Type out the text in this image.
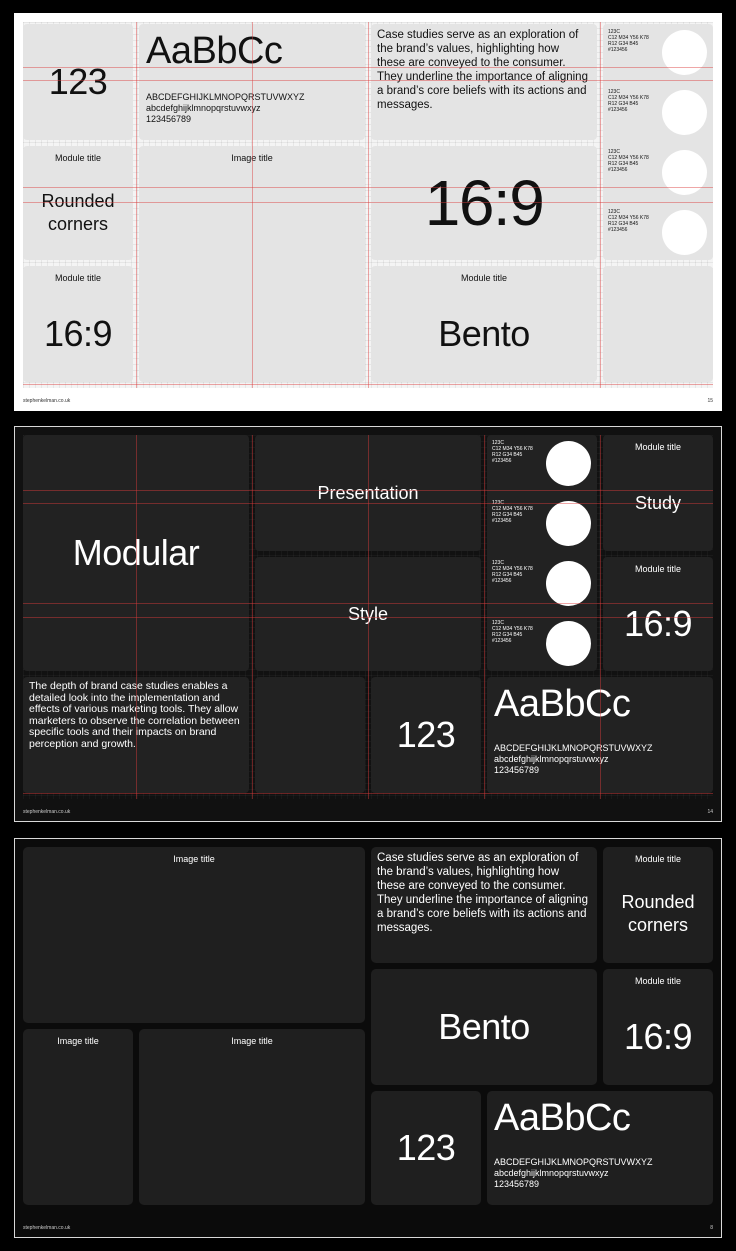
123
AaBbCc
ABCDEFGHIJKLMNOPQRSTUVWXYZ
abcdefghijklmnopqrstuvwxyz
123456789
Case studies serve as an exploration of the brand’s values, highlighting how these are conveyed to the consumer. They underline the importance of aligning a brand’s core beliefs with its actions and messages.
123C
C12 M34 Y56 K78
R12 G34 B45
#123456
123C
C12 M34 Y56 K78
R12 G34 B45
#123456
123C
C12 M34 Y56 K78
R12 G34 B45
#123456
123C
C12 M34 Y56 K78
R12 G34 B45
#123456
Module title
Rounded corners
Image title
16:9
Module title
16:9
Module title
Bento
stephenkelman.co.uk	15
Modular
Presentation
123C
C12 M34 Y56 K78
R12 G34 B45
#123456
123C
C12 M34 Y56 K78
R12 G34 B45
#123456
123C
C12 M34 Y56 K78
R12 G34 B45
#123456
123C
C12 M34 Y56 K78
R12 G34 B45
#123456
Module title
Study
Style
Module title
16:9
The depth of brand case studies enables a detailed look into the implementation and effects of various marketing tools. They allow marketers to observe the correlation between specific tools and their impacts on brand perception and growth.	123
AaBbCc
ABCDEFGHIJKLMNOPQRSTUVWXYZ
abcdefghijklmnopqrstuvwxyz
123456789
stephenkelman.co.uk	14
Image title	Case studies serve as an exploration of the brand’s values, highlighting how these are conveyed to the consumer. They underline the importance of aligning a brand’s core beliefs with its actions and messages.
Module title
Rounded corners
Bento
Module title
16:9
Image title	Image title
123
AaBbCc
ABCDEFGHIJKLMNOPQRSTUVWXYZ
abcdefghijklmnopqrstuvwxyz
123456789
stephenkelman.co.uk	8
